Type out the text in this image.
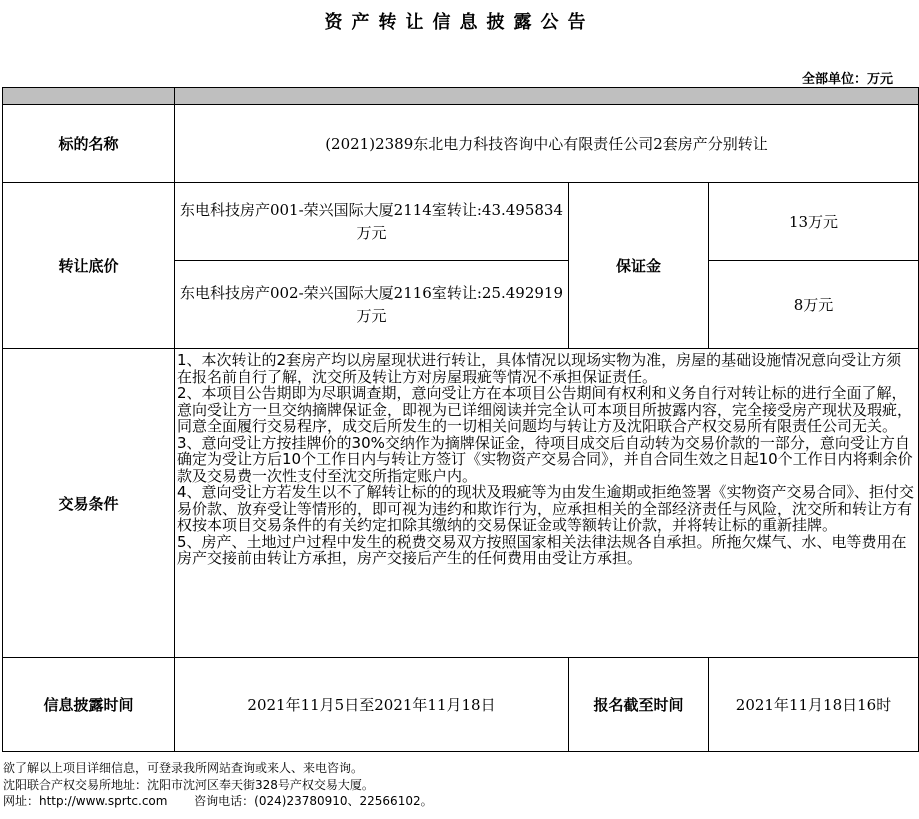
资产转让信息披露公告
全部单位：万元

标的名称	(2021)2389东北电力科技咨询中心有限责任公司2套房产分别转让		
转让底价	东电科技房产001-荣兴国际大厦2114室转让:43.495834万元	保证金	13万元
	东电科技房产002-荣兴国际大厦2116室转让:25.492919万元		8万元
交易条件	1、本次转让的2套房产均以房屋现状进行转让，具体情况以现场实物为准，房屋的基础设施情况意向受让方须在报名前自行了解，沈交所及转让方对房屋瑕疵等情况不承担保证责任。

2、本项目公告期即为尽职调查期，意向受让方在本项目公告期间有权利和义务自行对转让标的进行全面了解，意向受让方一旦交纳摘牌保证金，即视为已详细阅读并完全认可本项目所披露内容，完全接受房产现状及瑕疵，同意全面履行交易程序，成交后所发生的一切相关问题均与转让方及沈阳联合产权交易所有限责任公司无关。

3、意向受让方按挂牌价的30%交纳作为摘牌保证金，待项目成交后自动转为交易价款的一部分，意向受让方自确定为受让方后10个工作日内与转让方签订《实物资产交易合同》，并自合同生效之日起10个工作日内将剩余价款及交易费一次性支付至沈交所指定账户内。

4、意向受让方若发生以不了解转让标的的现状及瑕疵等为由发生逾期或拒绝签署《实物资产交易合同》、拒付交易价款、放弃受让等情形的，即可视为违约和欺诈行为，应承担相关的全部经济责任与风险，沈交所和转让方有权按本项目交易条件的有关约定扣除其缴纳的交易保证金或等额转让价款，并将转让标的重新挂牌。

5、房产、土地过户过程中发生的税费交易双方按照国家相关法律法规各自承担。所拖欠煤气、水、电等费用在房产交接前由转让方承担，房产交接后产生的任何费用由受让方承担。		

信息披露时间	2021年11月5日至2021年11月18日	报名截至时间	2021年11月18日16时

欲了解以上项目详细信息，可登录我所网站查询或来人、来电咨询。

沈阳联合产权交易所地址：沈阳市沈河区奉天街328号产权交易大厦。

网址：http://www.sprtc.com 咨询电话：(024)23780910、22566102。
